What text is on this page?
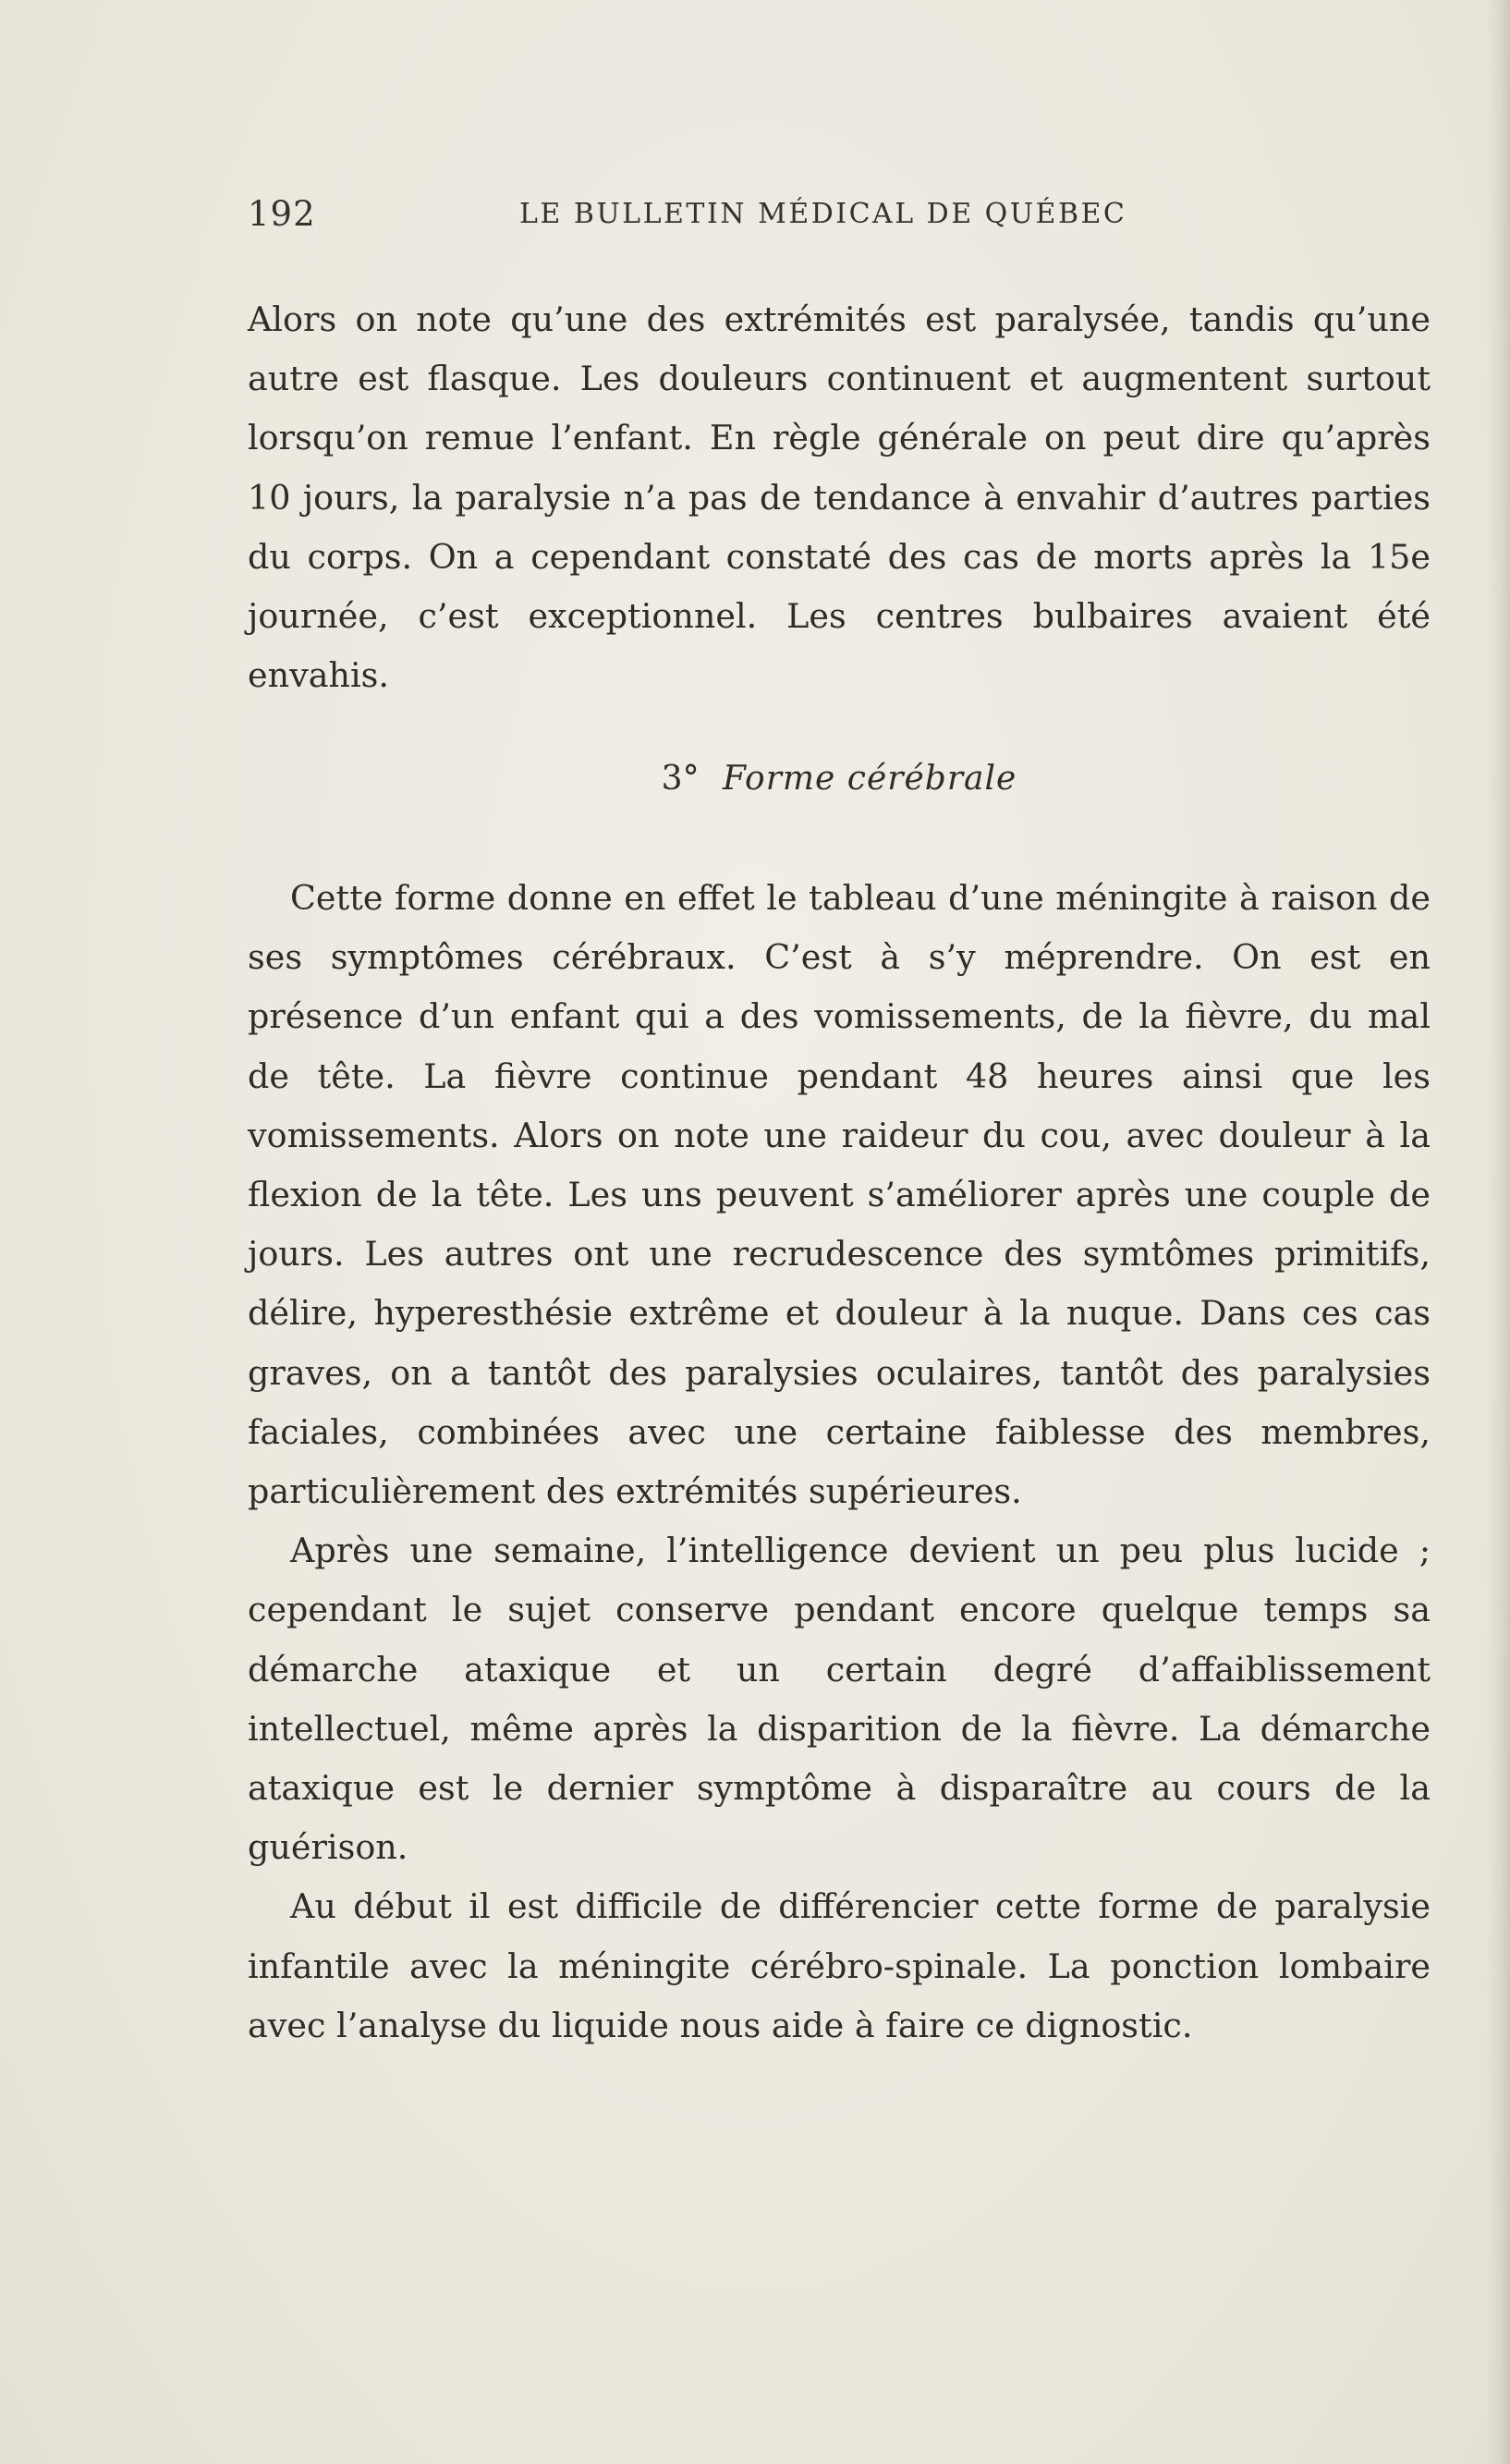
192	LE BULLETIN MÉDICAL DE QUÉBEC

Alors on note qu’une des extrémités est paralysée, tandis qu’une autre est flasque. Les douleurs continuent et augmentent surtout lorsqu’on remue l’enfant. En règle générale on peut dire qu’après 10 jours, la paralysie n’a pas de tendance à envahir d’autres parties du corps. On a cependant constaté des cas de morts après la 15e journée, c’est exceptionnel. Les centres bulbaires avaient été envahis.

3° Forme cérébrale

Cette forme donne en effet le tableau d’une méningite à raison de ses symptômes cérébraux. C’est à s’y méprendre. On est en présence d’un enfant qui a des vomissements, de la fièvre, du mal de tête. La fièvre continue pendant 48 heures ainsi que les vomissements. Alors on note une raideur du cou, avec douleur à la flexion de la tête. Les uns peuvent s’améliorer après une couple de jours. Les autres ont une recrudescence des symtômes primitifs, délire, hyperesthésie extrême et douleur à la nuque. Dans ces cas graves, on a tantôt des paralysies oculaires, tantôt des paralysies faciales, combinées avec une certaine faiblesse des membres, particulièrement des extrémités supérieures.

Après une semaine, l’intelligence devient un peu plus lucide ; cependant le sujet conserve pendant encore quelque temps sa démarche ataxique et un certain degré d’affaiblissement intellectuel, même après la disparition de la fièvre. La démarche ataxique est le dernier symptôme à disparaître au cours de la guérison.

Au début il est difficile de différencier cette forme de paralysie infantile avec la méningite cérébro-spinale. La ponction lombaire avec l’analyse du liquide nous aide à faire ce dignostic.
